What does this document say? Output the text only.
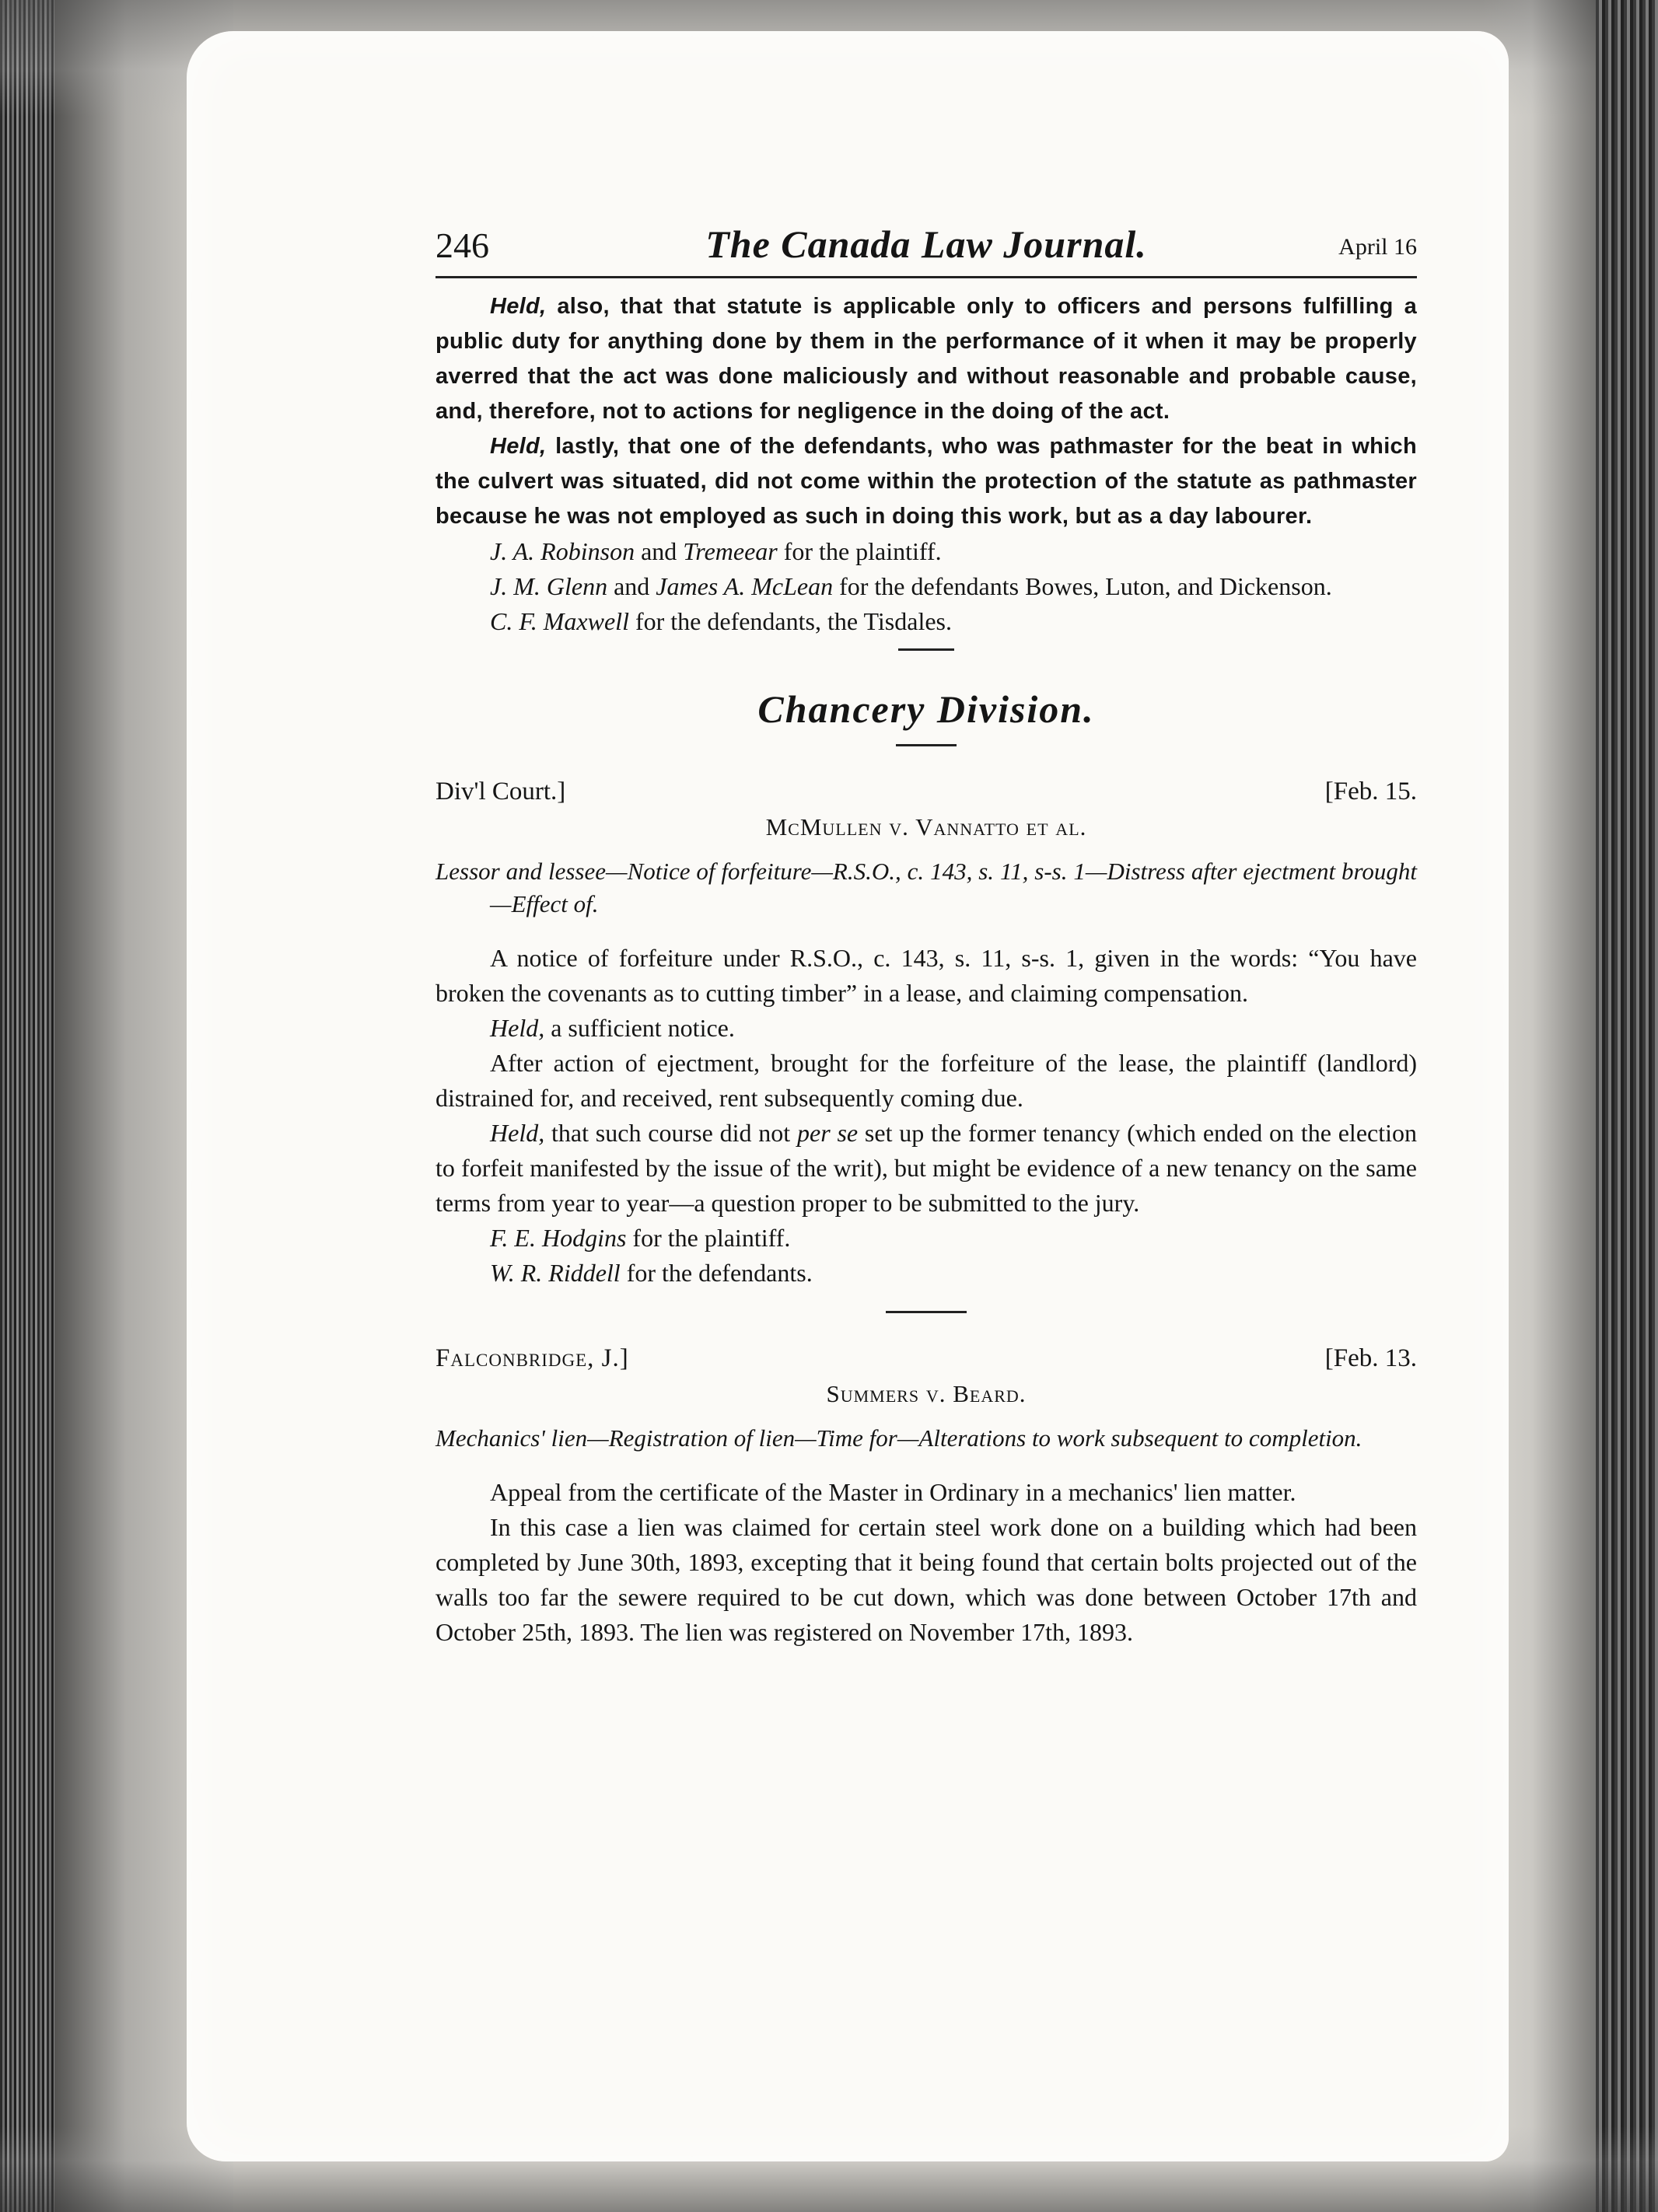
246	The Canada Law Journal.	April 16

Held, also, that that statute is applicable only to officers and persons fulfilling a public duty for anything done by them in the performance of it when it may be properly averred that the act was done maliciously and without reasonable and probable cause, and, therefore, not to actions for negligence in the doing of the act.

Held, lastly, that one of the defendants, who was pathmaster for the beat in which the culvert was situated, did not come within the protection of the statute as pathmaster because he was not employed as such in doing this work, but as a day labourer.

J. A. Robinson and Tremeear for the plaintiff.

J. M. Glenn and James A. McLean for the defendants Bowes, Luton, and Dickenson.

C. F. Maxwell for the defendants, the Tisdales.

Chancery Division.
Div'l Court.]	[Feb. 15.
McMullen v. Vannatto et al.

Lessor and lessee—Notice of forfeiture—R.S.O., c. 143, s. 11, s-s. 1—Distress after ejectment brought—Effect of.

A notice of forfeiture under R.S.O., c. 143, s. 11, s-s. 1, given in the words: “You have broken the covenants as to cutting timber” in a lease, and claiming compensation.

Held, a sufficient notice.

After action of ejectment, brought for the forfeiture of the lease, the plaintiff (landlord) distrained for, and received, rent subsequently coming due.

Held, that such course did not per se set up the former tenancy (which ended on the election to forfeit manifested by the issue of the writ), but might be evidence of a new tenancy on the same terms from year to year—a question proper to be submitted to the jury.

F. E. Hodgins for the plaintiff.

W. R. Riddell for the defendants.

Falconbridge, J.]	[Feb. 13.
Summers v. Beard.

Mechanics' lien—Registration of lien—Time for—Alterations to work subsequent to completion.

Appeal from the certificate of the Master in Ordinary in a mechanics' lien matter.

In this case a lien was claimed for certain steel work done on a building which had been completed by June 30th, 1893, excepting that it being found that certain bolts projected out of the walls too far the sewere required to be cut down, which was done between October 17th and October 25th, 1893. The lien was registered on November 17th, 1893.
